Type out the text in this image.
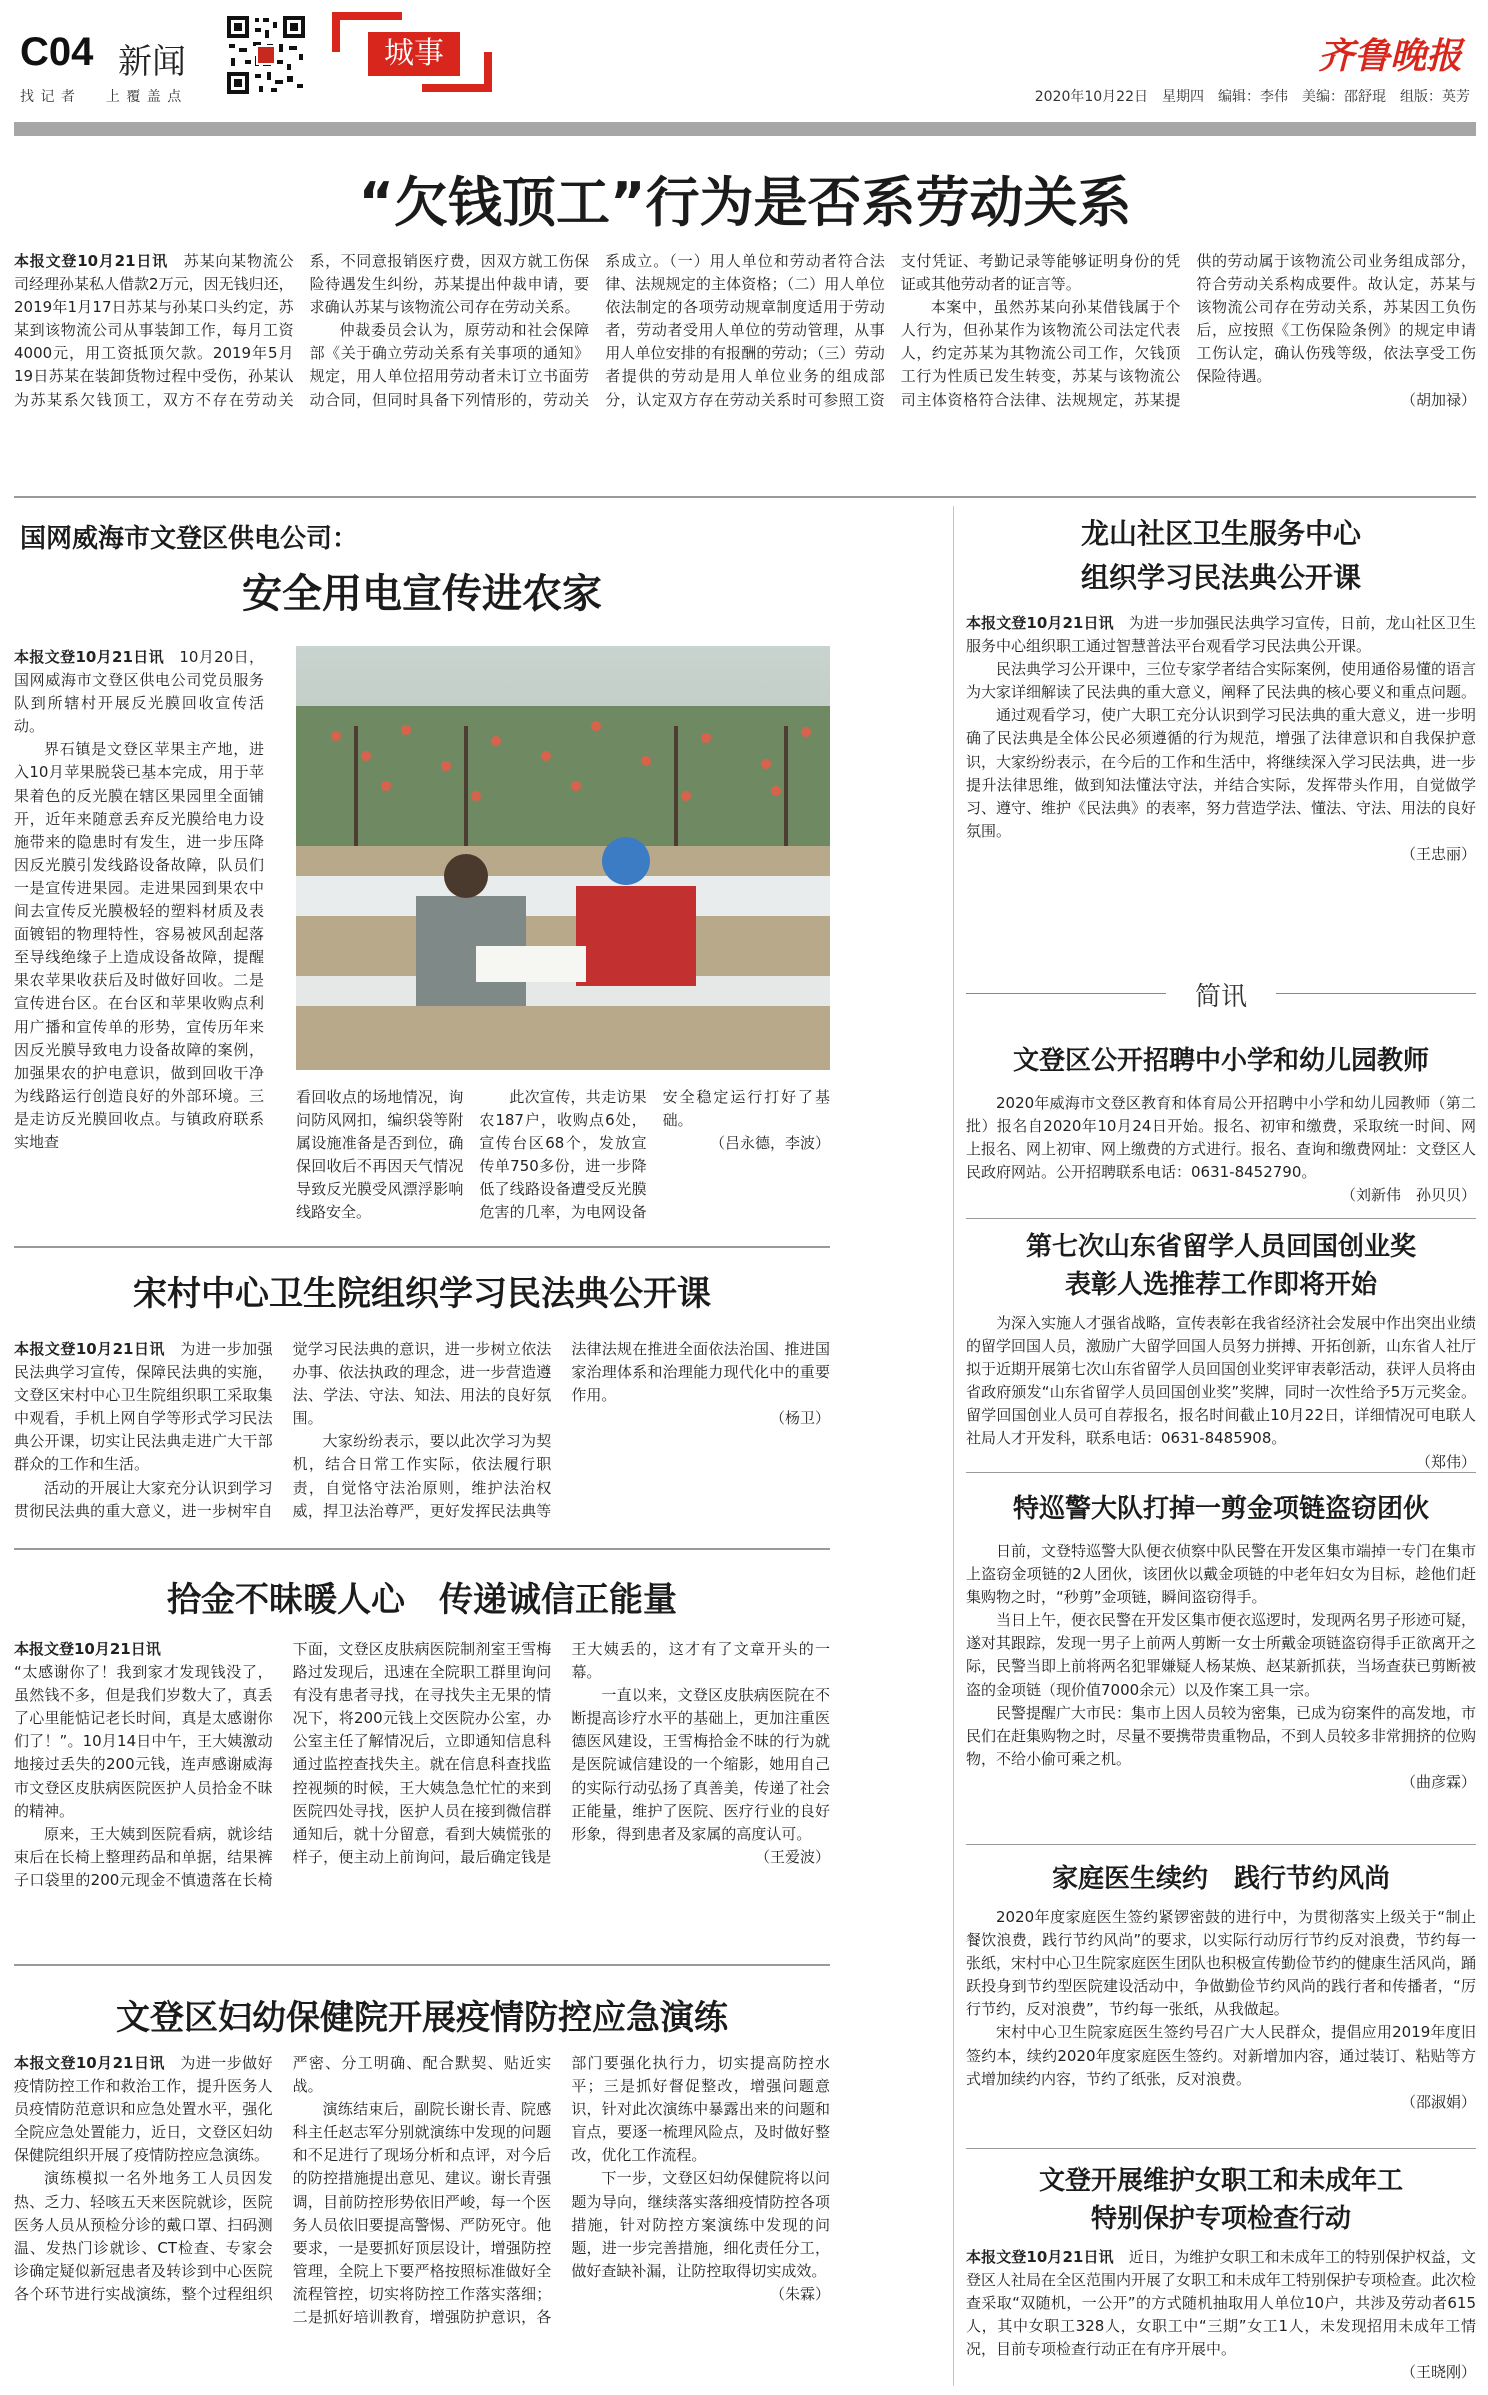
C04 新闻
找 记 者　　上 覆 盖 点
城事	齐鲁晚报
2020年10月22日　星期四　编辑：李伟　美编：邵舒琨　组版：英芳
“欠钱顶工”行为是否系劳动关系

本报文登10月21日讯　 苏某向某物流公司经理孙某私人借款2万元，因无钱归还，2019年1月17日苏某与孙某口头约定，苏某到该物流公司从事装卸工作，每月工资4000元，用工资抵顶欠款。2019年5月19日苏某在装卸货物过程中受伤，孙某认为苏某系欠钱顶工，双方不存在劳动关系，不同意报销医疗费，因双方就工伤保险待遇发生纠纷，苏某提出仲裁申请，要求确认苏某与该物流公司存在劳动关系。

仲裁委员会认为，原劳动和社会保障部《关于确立劳动关系有关事项的通知》规定，用人单位招用劳动者未订立书面劳动合同，但同时具备下列情形的，劳动关系成立。（一）用人单位和劳动者符合法律、法规规定的主体资格；（二）用人单位依法制定的各项劳动规章制度适用于劳动者，劳动者受用人单位的劳动管理，从事用人单位安排的有报酬的劳动；（三）劳动者提供的劳动是用人单位业务的组成部分，认定双方存在劳动关系时可参照工资支付凭证、考勤记录等能够证明身份的凭证或其他劳动者的证言等。

本案中，虽然苏某向孙某借钱属于个人行为，但孙某作为该物流公司法定代表人，约定苏某为其物流公司工作，欠钱顶工行为性质已发生转变，苏某与该物流公司主体资格符合法律、法规规定，苏某提供的劳动属于该物流公司业务组成部分，符合劳动关系构成要件。故认定，苏某与该物流公司存在劳动关系，苏某因工负伤后，应按照《工伤保险条例》的规定申请工伤认定，确认伤残等级，依法享受工伤保险待遇。

（胡加禄）
国网威海市文登区供电公司：
安全用电宣传进农家

本报文登10月21日讯　 10月20日，国网威海市文登区供电公司党员服务队到所辖村开展反光膜回收宣传活动。

界石镇是文登区苹果主产地，进入10月苹果脱袋已基本完成，用于苹果着色的反光膜在辖区果园里全面铺开，近年来随意丢弃反光膜给电力设施带来的隐患时有发生，进一步压降因反光膜引发线路设备故障，队员们一是宣传进果园。走进果园到果农中间去宣传反光膜极轻的塑料材质及表面镀铝的物理特性，容易被风刮起落至导线绝缘子上造成设备故障，提醒果农苹果收获后及时做好回收。二是宣传进台区。在台区和苹果收购点利用广播和宣传单的形势，宣传历年来因反光膜导致电力设备故障的案例，加强果农的护电意识，做到回收干净为线路运行创造良好的外部环境。三是走访反光膜回收点。与镇政府联系实地查

看回收点的场地情况，询问防风网扣，编织袋等附属设施准备是否到位，确保回收后不再因天气情况导致反光膜受风漂浮影响线路安全。

此次宣传，共走访果农187户，收购点6处，宣传台区68个，发放宣传单750多份，进一步降低了线路设备遭受反光膜危害的几率，为电网设备安全稳定运行打好了基础。

（吕永德，李波）
宋村中心卫生院组织学习民法典公开课

本报文登10月21日讯　 为进一步加强民法典学习宣传，保障民法典的实施，文登区宋村中心卫生院组织职工采取集中观看，手机上网自学等形式学习民法典公开课，切实让民法典走进广大干部群众的工作和生活。

活动的开展让大家充分认识到学习贯彻民法典的重大意义，进一步树牢自觉学习民法典的意识，进一步树立依法办事、依法执政的理念，进一步营造遵法、学法、守法、知法、用法的良好氛围。

大家纷纷表示，要以此次学习为契机，结合日常工作实际，依法履行职责，自觉恪守法治原则，维护法治权威，捍卫法治尊严，更好发挥民法典等法律法规在推进全面依法治国、推进国家治理体系和治理能力现代化中的重要作用。

（杨卫）
拾金不昧暖人心　传递诚信正能量

本报文登10月21日讯

“太感谢你了！我到家才发现钱没了，虽然钱不多，但是我们岁数大了，真丢了心里能惦记老长时间，真是太感谢你们了！”。10月14日中午，王大姨激动地接过丢失的200元钱，连声感谢威海市文登区皮肤病医院医护人员拾金不昧的精神。

原来，王大姨到医院看病，就诊结束后在长椅上整理药品和单据，结果裤子口袋里的200元现金不慎遗落在长椅下面，文登区皮肤病医院制剂室王雪梅路过发现后，迅速在全院职工群里询问有没有患者寻找，在寻找失主无果的情况下，将200元钱上交医院办公室，办公室主任了解情况后，立即通知信息科通过监控查找失主。就在信息科查找监控视频的时候，王大姨急急忙忙的来到医院四处寻找，医护人员在接到微信群通知后，就十分留意，看到大姨慌张的样子，便主动上前询问，最后确定钱是王大姨丢的，这才有了文章开头的一幕。

一直以来，文登区皮肤病医院在不断提高诊疗水平的基础上，更加注重医德医风建设，王雪梅拾金不昧的行为就是医院诚信建设的一个缩影，她用自己的实际行动弘扬了真善美，传递了社会正能量，维护了医院、医疗行业的良好形象，得到患者及家属的高度认可。

（王爱波）
文登区妇幼保健院开展疫情防控应急演练

本报文登10月21日讯　 为进一步做好疫情防控工作和救治工作，提升医务人员疫情防范意识和应急处置水平，强化全院应急处置能力，近日，文登区妇幼保健院组织开展了疫情防控应急演练。

演练模拟一名外地务工人员因发热、乏力、轻咳五天来医院就诊，医院医务人员从预检分诊的戴口罩、扫码测温、发热门诊就诊、CT检查、专家会诊确定疑似新冠患者及转诊到中心医院各个环节进行实战演练，整个过程组织严密、分工明确、配合默契、贴近实战。

演练结束后，副院长谢长青、院感科主任赵志军分别就演练中发现的问题和不足进行了现场分析和点评，对今后的防控措施提出意见、建议。谢长青强调，目前防控形势依旧严峻，每一个医务人员依旧要提高警惕、严防死守。他要求，一是要抓好顶层设计，增强防控管理，全院上下要严格按照标准做好全流程管控，切实将防控工作落实落细；二是抓好培训教育，增强防护意识，各部门要强化执行力，切实提高防控水平；三是抓好督促整改，增强问题意识，针对此次演练中暴露出来的问题和盲点，要逐一梳理风险点，及时做好整改，优化工作流程。

下一步，文登区妇幼保健院将以问题为导向，继续落实落细疫情防控各项措施，针对防控方案演练中发现的问题，进一步完善措施，细化责任分工，做好查缺补漏，让防控取得切实成效。

（朱霖）
龙山社区卫生服务中心
组织学习民法典公开课

本报文登10月21日讯　 为进一步加强民法典学习宣传，日前，龙山社区卫生服务中心组织职工通过智慧普法平台观看学习民法典公开课。

民法典学习公开课中，三位专家学者结合实际案例，使用通俗易懂的语言为大家详细解读了民法典的重大意义，阐释了民法典的核心要义和重点问题。

通过观看学习，使广大职工充分认识到学习民法典的重大意义，进一步明确了民法典是全体公民必须遵循的行为规范，增强了法律意识和自我保护意识，大家纷纷表示，在今后的工作和生活中，将继续深入学习民法典，进一步提升法律思维，做到知法懂法守法，并结合实际，发挥带头作用，自觉做学习、遵守、维护《民法典》的表率，努力营造学法、懂法、守法、用法的良好氛围。

（王忠丽）
简讯
文登区公开招聘中小学和幼儿园教师

2020年威海市文登区教育和体育局公开招聘中小学和幼儿园教师（第二批）报名自2020年10月24日开始。报名、初审和缴费，采取统一时间、网上报名、网上初审、网上缴费的方式进行。报名、查询和缴费网址：文登区人民政府网站。公开招聘联系电话：0631-8452790。

（刘新伟　孙贝贝）
第七次山东省留学人员回国创业奖
表彰人选推荐工作即将开始

为深入实施人才强省战略，宣传表彰在我省经济社会发展中作出突出业绩的留学回国人员，激励广大留学回国人员努力拼搏、开拓创新，山东省人社厅拟于近期开展第七次山东省留学人员回国创业奖评审表彰活动，获评人员将由省政府颁发“山东省留学人员回国创业奖”奖牌，同时一次性给予5万元奖金。留学回国创业人员可自荐报名，报名时间截止10月22日，详细情况可电联人社局人才开发科，联系电话：0631-8485908。

（郑伟）
特巡警大队打掉一剪金项链盗窃团伙

日前，文登特巡警大队便衣侦察中队民警在开发区集市端掉一专门在集市上盗窃金项链的2人团伙，该团伙以戴金项链的中老年妇女为目标，趁他们赶集购物之时，“秒剪”金项链，瞬间盗窃得手。

当日上午，便衣民警在开发区集市便衣巡逻时，发现两名男子形迹可疑，遂对其跟踪，发现一男子上前两人剪断一女士所戴金项链盗窃得手正欲离开之际，民警当即上前将两名犯罪嫌疑人杨某焕、赵某新抓获，当场查获已剪断被盗的金项链（现价值7000余元）以及作案工具一宗。

民警提醒广大市民：集市上因人员较为密集，已成为窃案件的高发地，市民们在赶集购物之时，尽量不要携带贵重物品，不到人员较多非常拥挤的位购物，不给小偷可乘之机。

（曲彦霖）
家庭医生续约　践行节约风尚

2020年度家庭医生签约紧锣密鼓的进行中，为贯彻落实上级关于“制止餐饮浪费，践行节约风尚”的要求，以实际行动厉行节约反对浪费，节约每一张纸，宋村中心卫生院家庭医生团队也积极宣传勤俭节约的健康生活风尚，踊跃投身到节约型医院建设活动中，争做勤俭节约风尚的践行者和传播者，“厉行节约，反对浪费”，节约每一张纸，从我做起。

宋村中心卫生院家庭医生签约号召广大人民群众，提倡应用2019年度旧签约本，续约2020年度家庭医生签约。对新增加内容，通过装订、粘贴等方式增加续约内容，节约了纸张，反对浪费。

（邵淑娟）
文登开展维护女职工和未成年工
特别保护专项检查行动

本报文登10月21日讯　 近日，为维护女职工和未成年工的特别保护权益，文登区人社局在全区范围内开展了女职工和未成年工特别保护专项检查。此次检查采取“双随机，一公开”的方式随机抽取用人单位10户，共涉及劳动者615人，其中女职工328人，女职工中“三期”女工1人，未发现招用未成年工情况，目前专项检查行动正在有序开展中。

（王晓刚）
